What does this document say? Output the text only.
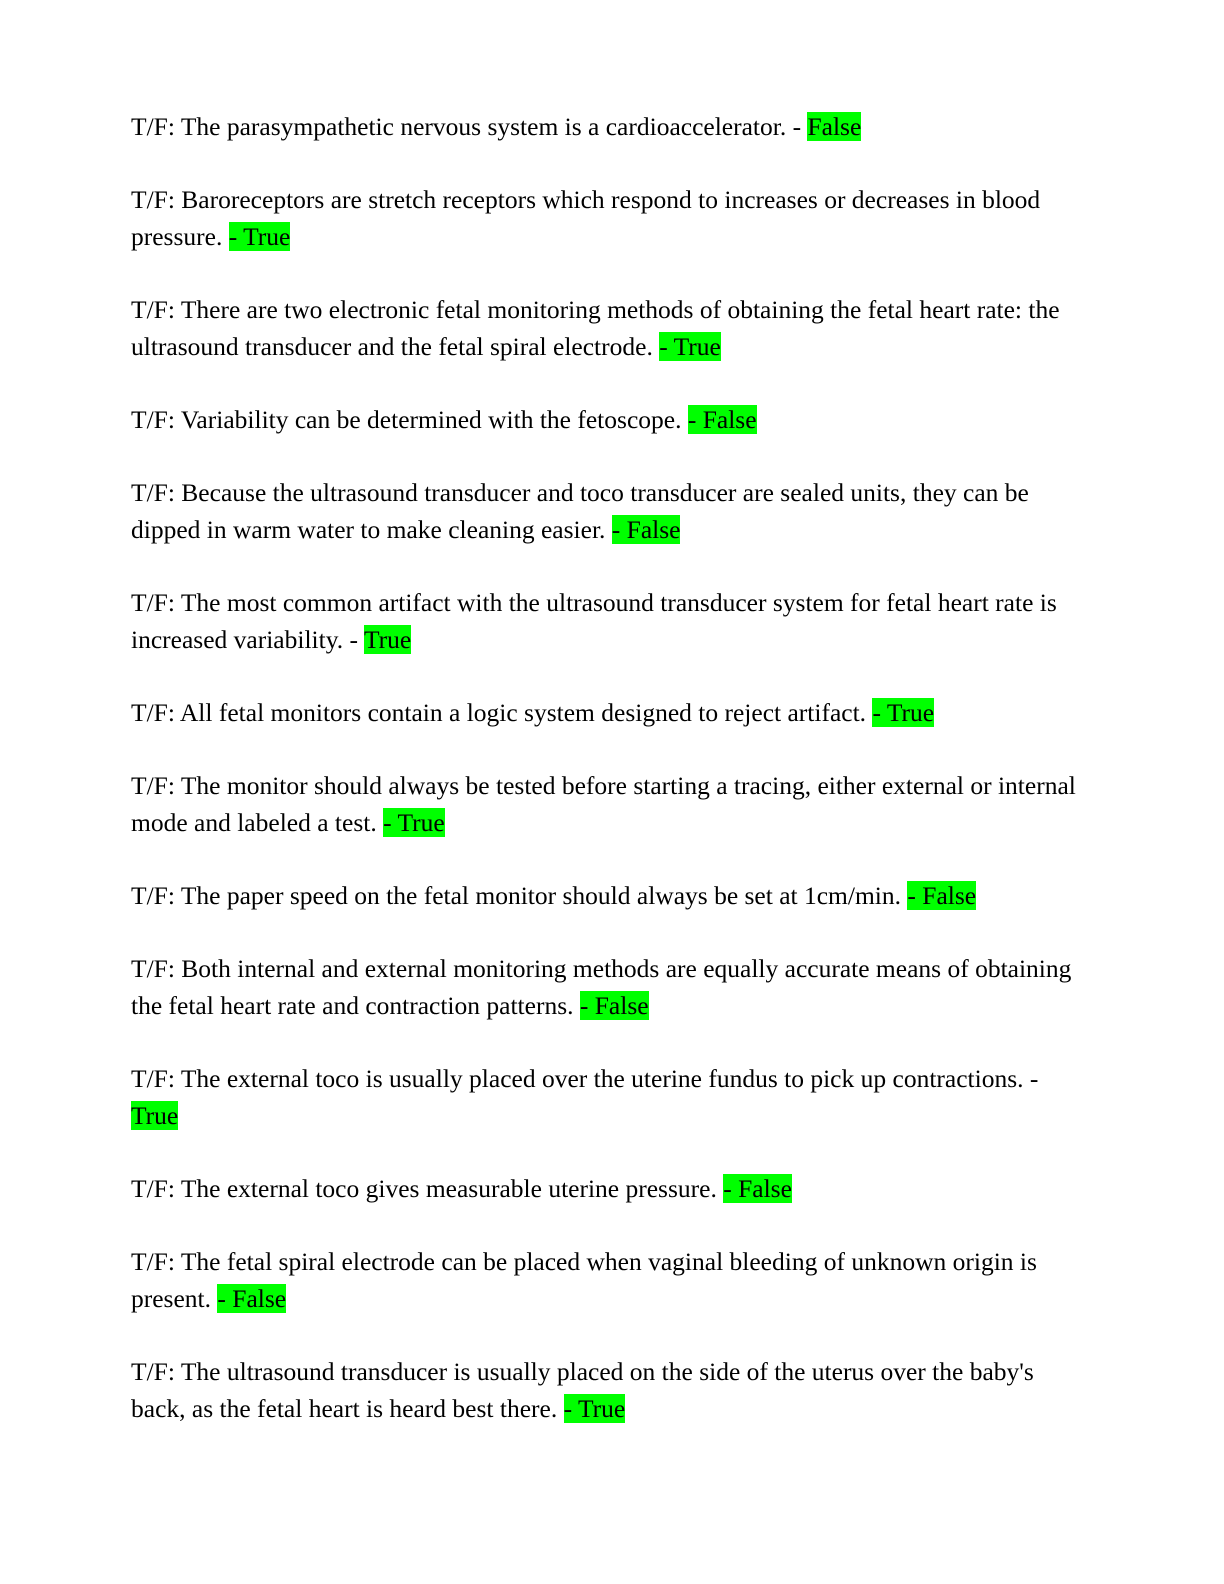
T/F: The parasympathetic nervous system is a cardioaccelerator. - False
T/F: Baroreceptors are stretch receptors which respond to increases or decreases in blood pressure. - True
T/F: There are two electronic fetal monitoring methods of obtaining the fetal heart rate: the ultrasound transducer and the fetal spiral electrode. - True
T/F: Variability can be determined with the fetoscope. - False
T/F: Because the ultrasound transducer and toco transducer are sealed units, they can be dipped in warm water to make cleaning easier. - False
T/F: The most common artifact with the ultrasound transducer system for fetal heart rate is increased variability. - True
T/F: All fetal monitors contain a logic system designed to reject artifact. - True
T/F: The monitor should always be tested before starting a tracing, either external or internal mode and labeled a test. - True
T/F: The paper speed on the fetal monitor should always be set at 1cm/min. - False
T/F: Both internal and external monitoring methods are equally accurate means of obtaining the fetal heart rate and contraction patterns. - False
T/F: The external toco is usually placed over the uterine fundus to pick up contractions. - True
T/F: The external toco gives measurable uterine pressure. - False
T/F: The fetal spiral electrode can be placed when vaginal bleeding of unknown origin is present. - False
T/F: The ultrasound transducer is usually placed on the side of the uterus over the baby's back, as the fetal heart is heard best there. - True
